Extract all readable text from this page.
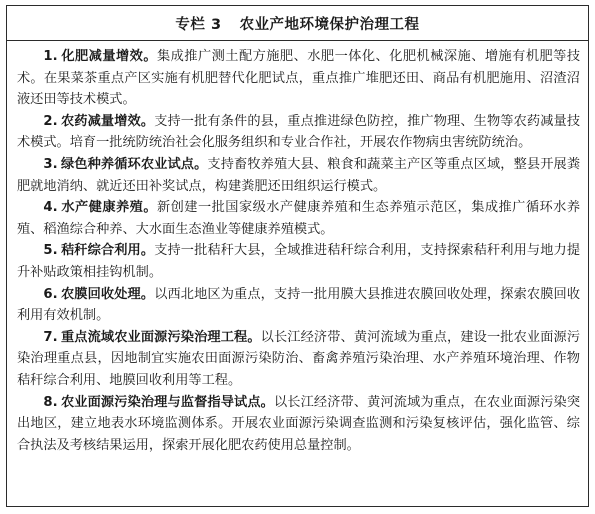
专栏 3 农业产地环境保护治理工程

1.  化肥减量增效。集成推广测土配方施肥、水肥一体化、化肥机械深施、增施有机肥等技术。在果菜茶重点产区实施有机肥替代化肥试点，重点推广堆肥还田、商品有机肥施用、沼渣沼液还田等技术模式。

2.  农药减量增效。支持一批有条件的县，重点推进绿色防控，推广物理、生物等农药减量技术模式。培育一批统防统治社会化服务组织和专业合作社，开展农作物病虫害统防统治。

3.  绿色种养循环农业试点。支持畜牧养殖大县、粮食和蔬菜主产区等重点区域，整县开展粪肥就地消纳、就近还田补奖试点，构建粪肥还田组织运行模式。

4.  水产健康养殖。新创建一批国家级水产健康养殖和生态养殖示范区，集成推广循环水养殖、稻渔综合种养、大水面生态渔业等健康养殖模式。

5.  秸秆综合利用。支持一批秸秆大县，全域推进秸秆综合利用，支持探索秸秆利用与地力提升补贴政策相挂钩机制。

6.  农膜回收处理。以西北地区为重点，支持一批用膜大县推进农膜回收处理，探索农膜回收利用有效机制。

7.  重点流域农业面源污染治理工程。以长江经济带、黄河流域为重点，建设一批农业面源污染治理重点县，因地制宜实施农田面源污染防治、畜禽养殖污染治理、水产养殖环境治理、作物秸秆综合利用、地膜回收利用等工程。

8.  农业面源污染治理与监督指导试点。以长江经济带、黄河流域为重点，在农业面源污染突出地区，建立地表水环境监测体系。开展农业面源污染调查监测和污染复核评估，强化监管、综合执法及考核结果运用，探索开展化肥农药使用总量控制。
